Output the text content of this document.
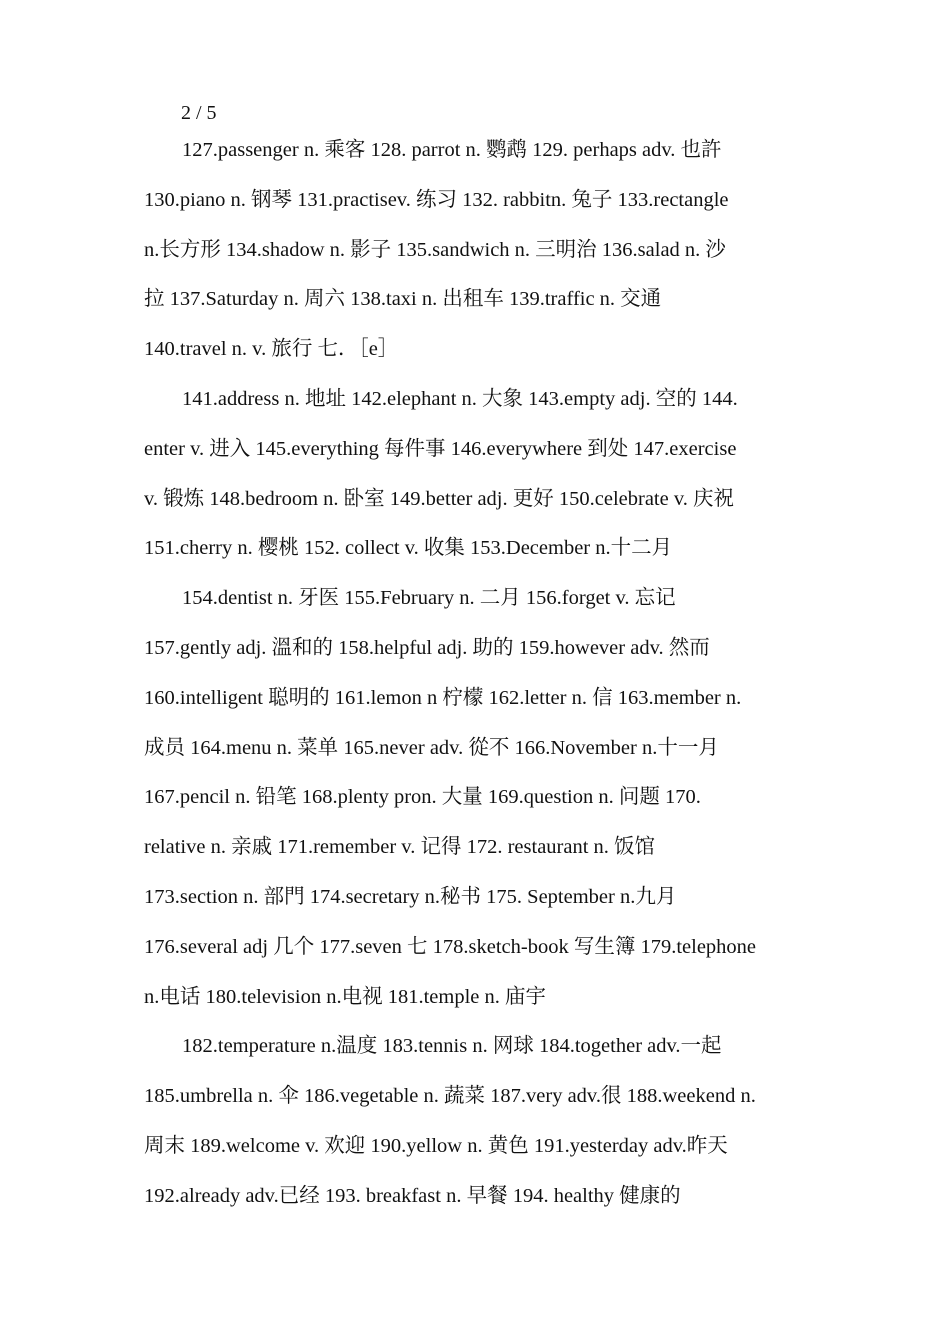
2 / 5
127.passenger n. 乘客 128. parrot n. 鹦鹉 129. perhaps adv. 也許
130.piano n. 钢琴 131.practisev. 练习 132. rabbitn. 兔子 133.rectangle
n.长方形 134.shadow n. 影子 135.sandwich n. 三明治 136.salad n. 沙
拉 137.Saturday n. 周六 138.taxi n. 出租车 139.traffic n. 交通
140.travel n. v. 旅行 七．［e］
141.address n. 地址 142.elephant n. 大象 143.empty adj. 空的 144.
enter v. 进入 145.everything 每件事 146.everywhere 到处 147.exercise
v. 锻炼 148.bedroom n. 卧室 149.better adj. 更好 150.celebrate v. 庆祝
151.cherry n. 樱桃 152. collect v. 收集 153.December n.十二月
154.dentist n. 牙医 155.February n. 二月 156.forget v. 忘记
157.gently adj. 溫和的 158.helpful adj. 助的 159.however adv. 然而
160.intelligent 聪明的 161.lemon n 柠檬 162.letter n. 信 163.member n.
成员 164.menu n. 菜单 165.never adv. 從不 166.November n.十一月
167.pencil n. 铅笔 168.plenty pron. 大量 169.question n. 问题 170.
relative n. 亲戚 171.remember v. 记得 172. restaurant n. 饭馆
173.section n. 部門 174.secretary n.秘书 175. September n.九月
176.several adj 几个 177.seven 七 178.sketch-book 写生簿 179.telephone
n.电话 180.television n.电视 181.temple n. 庙宇
182.temperature n.温度 183.tennis n. 网球 184.together adv.一起
185.umbrella n. 伞 186.vegetable n. 蔬菜 187.very adv.很 188.weekend n.
周末 189.welcome v. 欢迎 190.yellow n. 黄色 191.yesterday adv.昨天
192.already adv.已经 193. breakfast n. 早餐 194. healthy 健康的
